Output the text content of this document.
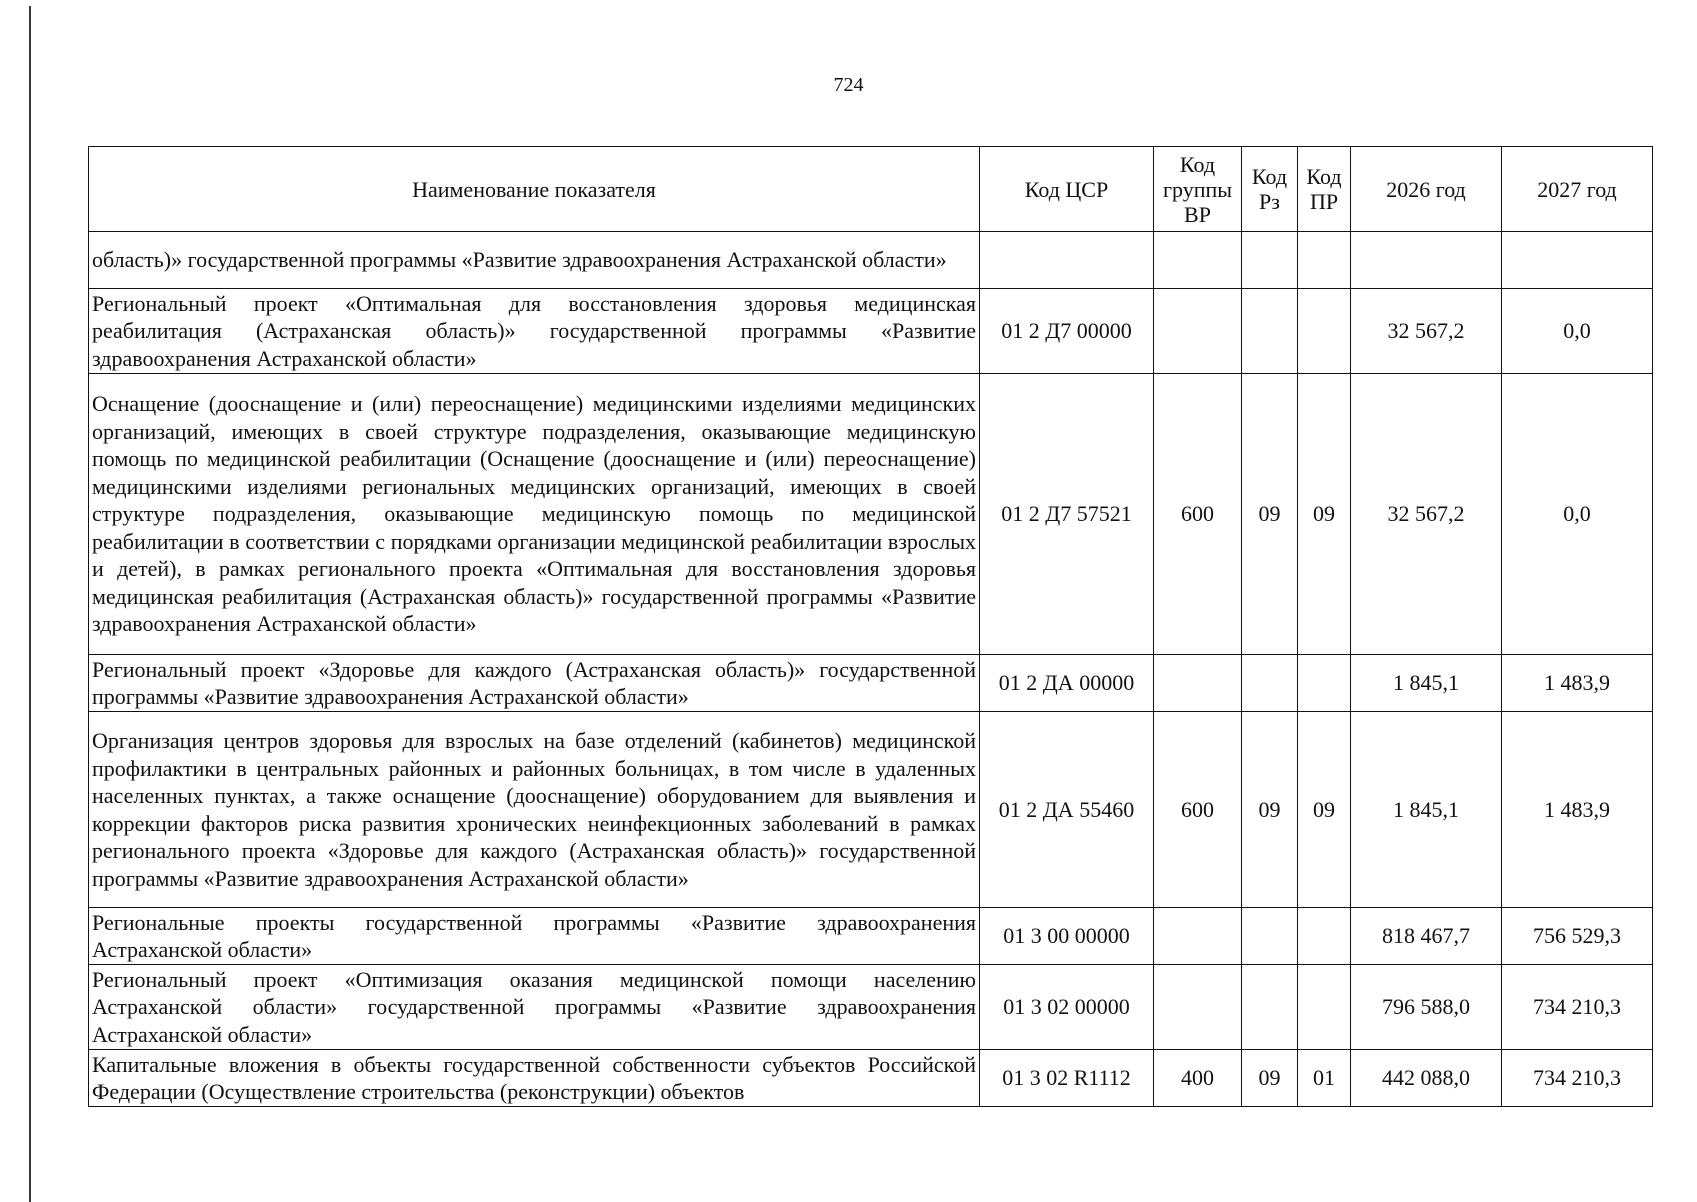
724
Наименование показателя	Код ЦСР	Код группы ВР	Код Рз	Код ПР	2026 год	2027 год
область)» государственной программы «Развитие здравоохранения Астраханской области»						
Региональный проект «Оптимальная для восстановления здоровья медицинская реабилитация (Астраханская область)» государственной программы «Развитие здравоохранения Астраханской области»	01 2 Д7 00000				32 567,2	0,0
Оснащение (дооснащение и (или) переоснащение) медицинскими изделиями медицинских организаций, имеющих в своей структуре подразделения, оказывающие медицинскую помощь по медицинской реабилитации (Оснащение (дооснащение и (или) переоснащение) медицинскими изделиями региональных медицинских организаций, имеющих в своей структуре подразделения, оказывающие медицинскую помощь по медицинской реабилитации в соответствии с порядками организации медицинской реабилитации взрослых и детей), в рамках регионального проекта «Оптимальная для восстановления здоровья медицинская реабилитация (Астраханская область)» государственной программы «Развитие здравоохранения Астраханской области»	01 2 Д7 57521	600	09	09	32 567,2	0,0
Региональный проект «Здоровье для каждого (Астраханская область)» государственной программы «Развитие здравоохранения Астраханской области»	01 2 ДА 00000				1 845,1	1 483,9
Организация центров здоровья для взрослых на базе отделений (кабинетов) медицинской профилактики в центральных районных и районных больницах, в том числе в удаленных населенных пунктах, а также оснащение (дооснащение) оборудованием для выявления и коррекции факторов риска развития хронических неинфекционных заболеваний в рамках регионального проекта «Здоровье для каждого (Астраханская область)» государственной программы «Развитие здравоохранения Астраханской области»	01 2 ДА 55460	600	09	09	1 845,1	1 483,9
Региональные проекты государственной программы «Развитие здравоохранения Астраханской области»	01 3 00 00000				818 467,7	756 529,3
Региональный проект «Оптимизация оказания медицинской помощи населению Астраханской области» государственной программы «Развитие здравоохранения Астраханской области»	01 3 02 00000				796 588,0	734 210,3
Капитальные вложения в объекты государственной собственности субъектов Российской Федерации (Осуществление строительства (реконструкции) объектов	01 3 02 R1112	400	09	01	442 088,0	734 210,3
